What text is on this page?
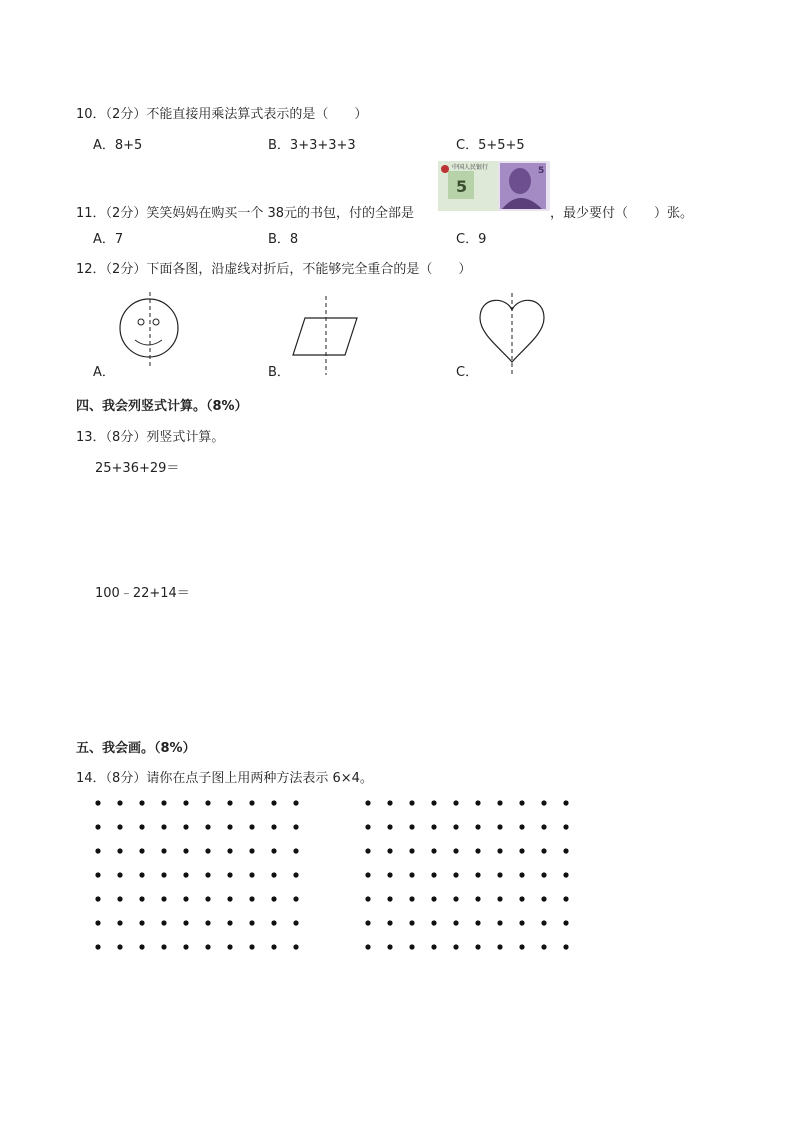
10．（2分）不能直接用乘法算式表示的是（　　）
A．8+5	B．3+3+3+3	C．5+5+5
11．（2分）笑笑妈妈在购买一个 38元的书包，付的全部是
5
中国人民银行	5
，最少要付（　　）张。
A．7	B．8	C．9
12．（2分）下面各图，沿虚线对折后，不能够完全重合的是（　　）
A．	B．	C．
四、我会列竖式计算。（8%）
13．（8分）列竖式计算。
25+36+29＝
100﹣22+14＝
五、我会画。（8%）
14．（8分）请你在点子图上用两种方法表示 6×4。
